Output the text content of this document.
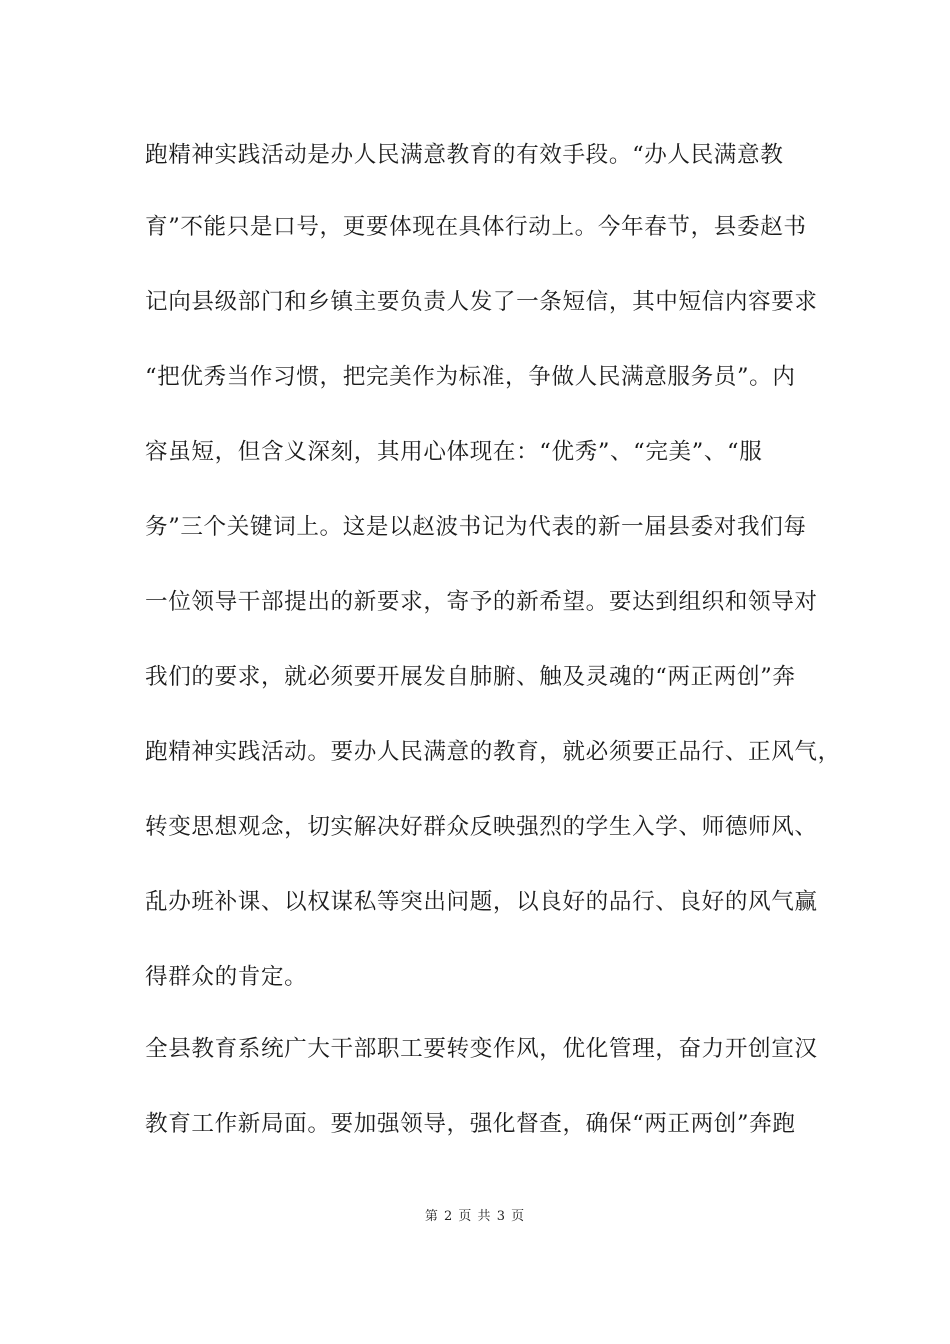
跑精神实践活动是办人民满意教育的有效手段。“办人民满意教
育”不能只是口号，更要体现在具体行动上。今年春节，县委赵书
记向县级部门和乡镇主要负责人发了一条短信，其中短信内容要求
“把优秀当作习惯，把完美作为标准，争做人民满意服务员”。内
容虽短，但含义深刻，其用心体现在：“优秀”、“完美”、“服
务”三个关键词上。这是以赵波书记为代表的新一届县委对我们每
一位领导干部提出的新要求，寄予的新希望。要达到组织和领导对
我们的要求，就必须要开展发自肺腑、触及灵魂的“两正两创”奔
跑精神实践活动。要办人民满意的教育，就必须要正品行、正风气，
转变思想观念，切实解决好群众反映强烈的学生入学、师德师风、
乱办班补课、以权谋私等突出问题，以良好的品行、良好的风气赢
得群众的肯定。
全县教育系统广大干部职工要转变作风，优化管理，奋力开创宣汉
教育工作新局面。要加强领导，强化督查，确保“两正两创”奔跑
第 2 页 共 3 页
